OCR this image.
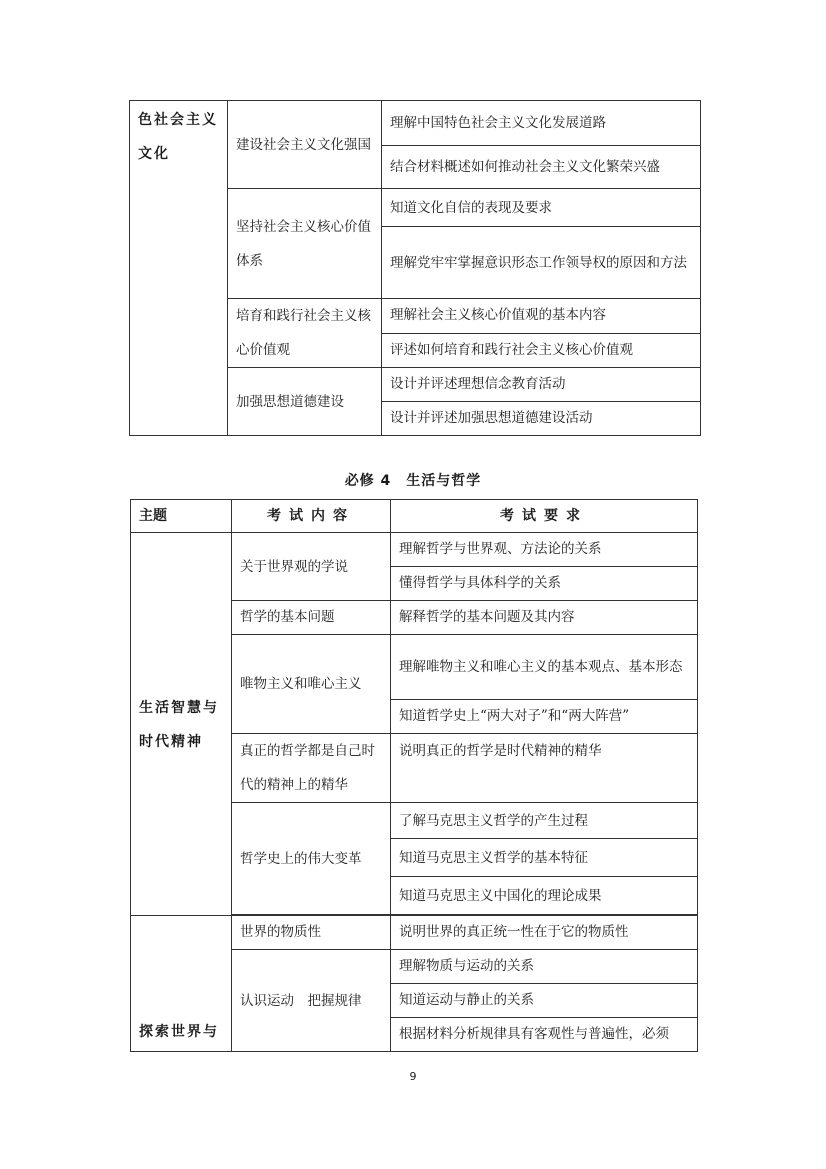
色社会主义文化	建设社会主义文化强国	理解中国特色社会主义文化发展道路
		结合材料概述如何推动社会主义文化繁荣兴盛
	坚持社会主义核心价值体系	知道文化自信的表现及要求
		理解党牢牢掌握意识形态工作领导权的原因和方法
	培育和践行社会主义核心价值观	理解社会主义核心价值观的基本内容
		评述如何培育和践行社会主义核心价值观
	加强思想道德建设	设计并评述理想信念教育活动
		设计并评述加强思想道德建设活动
必修 4　生活与哲学
主题	考试内容	考试要求
生活智慧与时代精神	关于世界观的学说	理解哲学与世界观、方法论的关系
		懂得哲学与具体科学的关系
	哲学的基本问题	解释哲学的基本问题及其内容
	唯物主义和唯心主义	理解唯物主义和唯心主义的基本观点、基本形态
		知道哲学史上“两大对子”和“两大阵营”
	真正的哲学都是自己时代的精神上的精华	说明真正的哲学是时代精神的精华
	哲学史上的伟大变革	了解马克思主义哲学的产生过程
		知道马克思主义哲学的基本特征
		知道马克思主义中国化的理论成果

探索世界与	世界的物质性	说明世界的真正统一性在于它的物质性
	认识运动　把握规律	理解物质与运动的关系
		知道运动与静止的关系
		根据材料分析规律具有客观性与普遍性，必须
9
